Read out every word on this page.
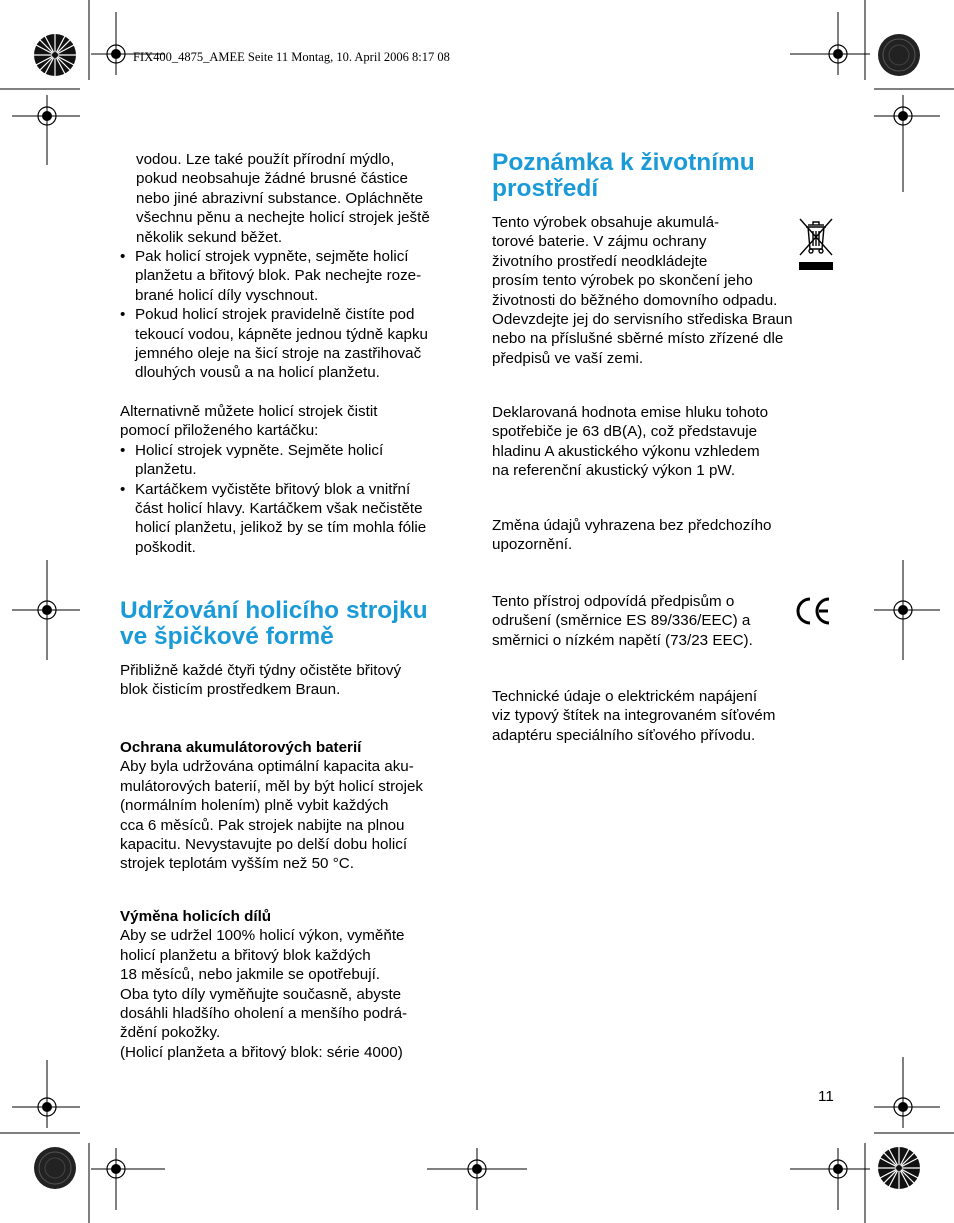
FIX400_4875_AMEE Seite 11 Montag, 10. April 2006 8:17 08

vodou. Lze také použít přírodní mýdlo,

pokud neobsahuje žádné brusné částice

nebo jiné abrazivní substance. Opláchněte

všechnu pěnu a nechejte holicí strojek ještě

několik sekund běžet.

• Pak holicí strojek vypněte, sejměte holicí

planžetu a břitový blok. Pak nechejte roze-

brané holicí díly vyschnout.

• Pokud holicí strojek pravidelně čistíte pod

tekoucí vodou, kápněte jednou týdně kapku

jemného oleje na šicí stroje na zastřihovač

dlouhých vousů a na holicí planžetu.

Alternativně můžete holicí strojek čistit

pomocí přiloženého kartáčku:

• Holicí strojek vypněte. Sejměte holicí

planžetu.

• Kartáčkem vyčistěte břitový blok a vnitřní

část holicí hlavy. Kartáčkem však nečistěte

holicí planžetu, jelikož by se tím mohla fólie

poškodit.

Udržování holicího strojku
ve špičkové formě

Přibližně každé čtyři týdny očistěte břitový

blok čisticím prostředkem Braun.

Ochrana akumulátorových baterií

Aby byla udržována optimální kapacita aku-

mulátorových baterií, měl by být holicí strojek

(normálním holením) plně vybit každých

cca 6 měsíců. Pak strojek nabijte na plnou

kapacitu. Nevystavujte po delší dobu holicí

strojek teplotám vyšším než 50 °C.

Výměna holicích dílů

Aby se udržel 100% holicí výkon, vyměňte

holicí planžetu a břitový blok každých

18 měsíců, nebo jakmile se opotřebují.

Oba tyto díly vyměňujte současně, abyste

dosáhli hladšího oholení a menšího podrá-

ždění pokožky.

(Holicí planžeta a břitový blok: série 4000)

Poznámka k životnímu
prostředí

Tento výrobek obsahuje akumulá-

torové baterie. V zájmu ochrany

životního prostředí neodkládejte

prosím tento výrobek po skončení jeho

životnosti do běžného domovního odpadu.

Odevzdejte jej do servisního střediska Braun

nebo na příslušné sběrné místo zřízené dle

předpisů ve vaší zemi.

Deklarovaná hodnota emise hluku tohoto

spotřebiče je 63 dB(A), což představuje

hladinu A akustického výkonu vzhledem

na referenční akustický výkon 1 pW.

Změna údajů vyhrazena bez předchozího

upozornění.

Tento přístroj odpovídá předpisům o

odrušení (směrnice ES 89/336/EEC) a

směrnici o nízkém napětí (73/23 EEC).

Technické údaje o elektrickém napájení

viz typový štítek na integrovaném síťovém

adaptéru speciálního síťového přívodu.

11
